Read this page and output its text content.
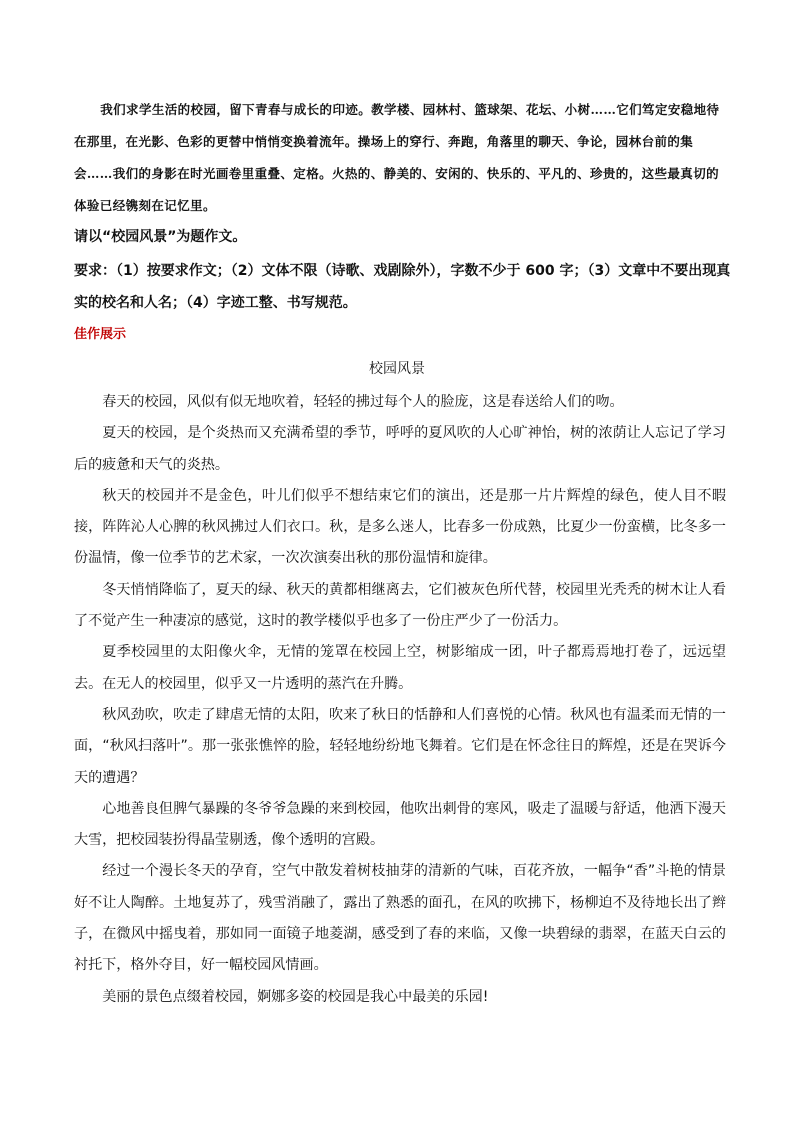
我们求学生活的校园，留下青春与成长的印迹。教学楼、园林村、篮球架、花坛、小树……它们笃定安稳地待在那里，在光影、色彩的更替中悄悄变换着流年。操场上的穿行、奔跑，角落里的聊天、争论，园林台前的集会……我们的身影在时光画卷里重叠、定格。火热的、静美的、安闲的、快乐的、平凡的、珍贵的，这些最真切的体验已经镌刻在记忆里。
请以“校园风景”为题作文。
要求：（1）按要求作文；（2）文体不限（诗歌、戏剧除外），字数不少于 600 字；（3）文章中不要出现真实的校名和人名；（4）字迹工整、书写规范。
佳作展示
校园风景

春天的校园，风似有似无地吹着，轻轻的拂过每个人的脸庞，这是春送给人们的吻。

夏天的校园，是个炎热而又充满希望的季节，呼呼的夏风吹的人心旷神怡，树的浓荫让人忘记了学习后的疲惫和天气的炎热。

秋天的校园并不是金色，叶儿们似乎不想结束它们的演出，还是那一片片辉煌的绿色，使人目不暇接，阵阵沁人心脾的秋风拂过人们衣口。秋，是多么迷人，比春多一份成熟，比夏少一份蛮横，比冬多一份温情，像一位季节的艺术家，一次次演奏出秋的那份温情和旋律。

冬天悄悄降临了，夏天的绿、秋天的黄都相继离去，它们被灰色所代替，校园里光秃秃的树木让人看了不觉产生一种凄凉的感觉，这时的教学楼似乎也多了一份庄严少了一份活力。

夏季校园里的太阳像火伞，无情的笼罩在校园上空，树影缩成一团，叶子都焉焉地打卷了，远远望去。在无人的校园里，似乎又一片透明的蒸汽在升腾。

秋风劲吹，吹走了肆虐无情的太阳，吹来了秋日的恬静和人们喜悦的心情。秋风也有温柔而无情的一面，“秋风扫落叶”。那一张张憔悴的脸，轻轻地纷纷地飞舞着。它们是在怀念往日的辉煌，还是在哭诉今天的遭遇？

心地善良但脾气暴躁的冬爷爷急躁的来到校园，他吹出刺骨的寒风，吸走了温暖与舒适，他洒下漫天大雪，把校园装扮得晶莹剔透，像个透明的宫殿。

经过一个漫长冬天的孕育，空气中散发着树枝抽芽的清新的气味，百花齐放，一幅争“香”斗艳的情景好不让人陶醉。土地复苏了，残雪消融了，露出了熟悉的面孔，在风的吹拂下，杨柳迫不及待地长出了辫子，在微风中摇曳着，那如同一面镜子地菱湖，感受到了春的来临，又像一块碧绿的翡翠，在蓝天白云的衬托下，格外夺目，好一幅校园风情画。

美丽的景色点缀着校园，婀娜多姿的校园是我心中最美的乐园!
